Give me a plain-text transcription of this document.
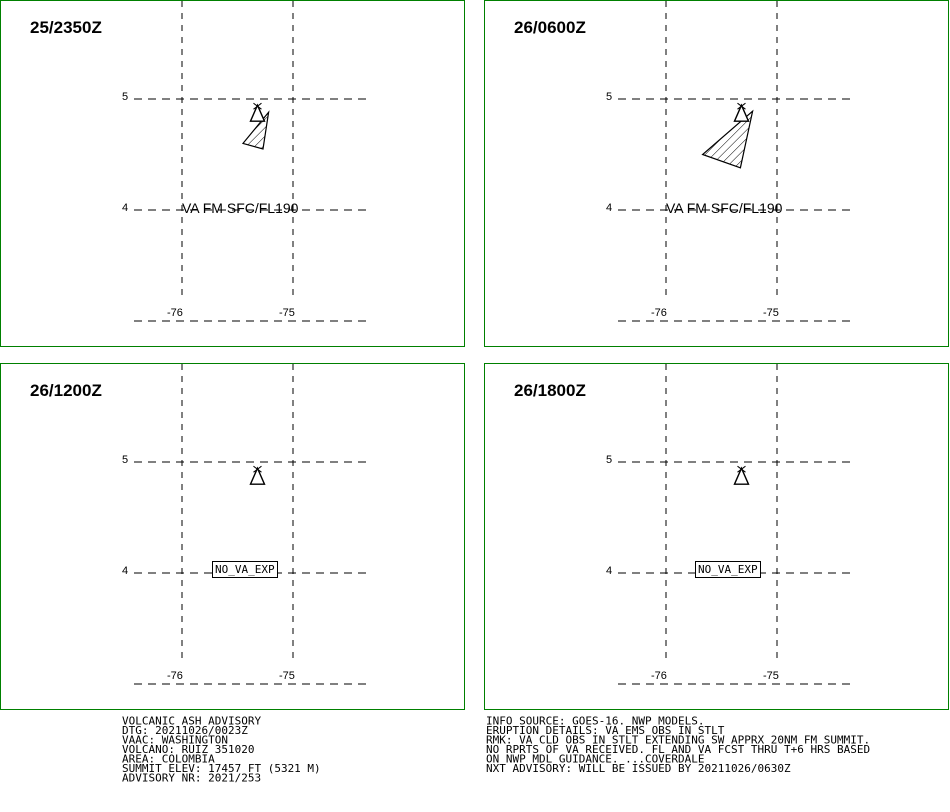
25/2350Z
5
4
-76	-75
VA FM SFC/FL190
26/0600Z
5
4
-76	-75
VA FM SFC/FL190
26/1200Z
5
4
-76	-75
NO_VA_EXP
26/1800Z
5
4
-76	-75
NO_VA_EXP
VOLCANIC ASH ADVISORY
DTG: 20211026/0023Z
VAAC: WASHINGTON
VOLCANO: RUIZ 351020
AREA: COLOMBIA
SUMMIT ELEV: 17457 FT (5321 M)
ADVISORY NR: 2021/253
INFO SOURCE: GOES-16. NWP MODELS.
ERUPTION DETAILS: VA EMS OBS IN STLT
RMK: VA CLD OBS IN STLT EXTENDING SW APPRX 20NM FM SUMMIT.
NO RPRTS OF VA RECEIVED. FL AND VA FCST THRU T+6 HRS BASED
ON NWP MDL GUIDANCE. ...COVERDALE
NXT ADVISORY: WILL BE ISSUED BY 20211026/0630Z
